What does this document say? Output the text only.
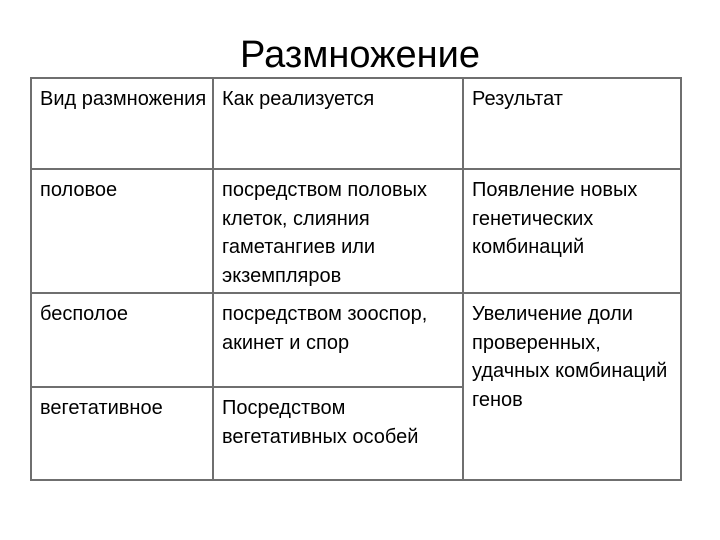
Размножение
Вид размножения	Как реализуется	Результат
половое	посредством половых клеток, слияния гаметангиев или экземпляров	Появление новых генетических комбинаций
бесполое	посредством зооспор, акинет и спор	Увеличение доли проверенных, удачных комбинаций генов
вегетативное	Посредством вегетативных особей	
